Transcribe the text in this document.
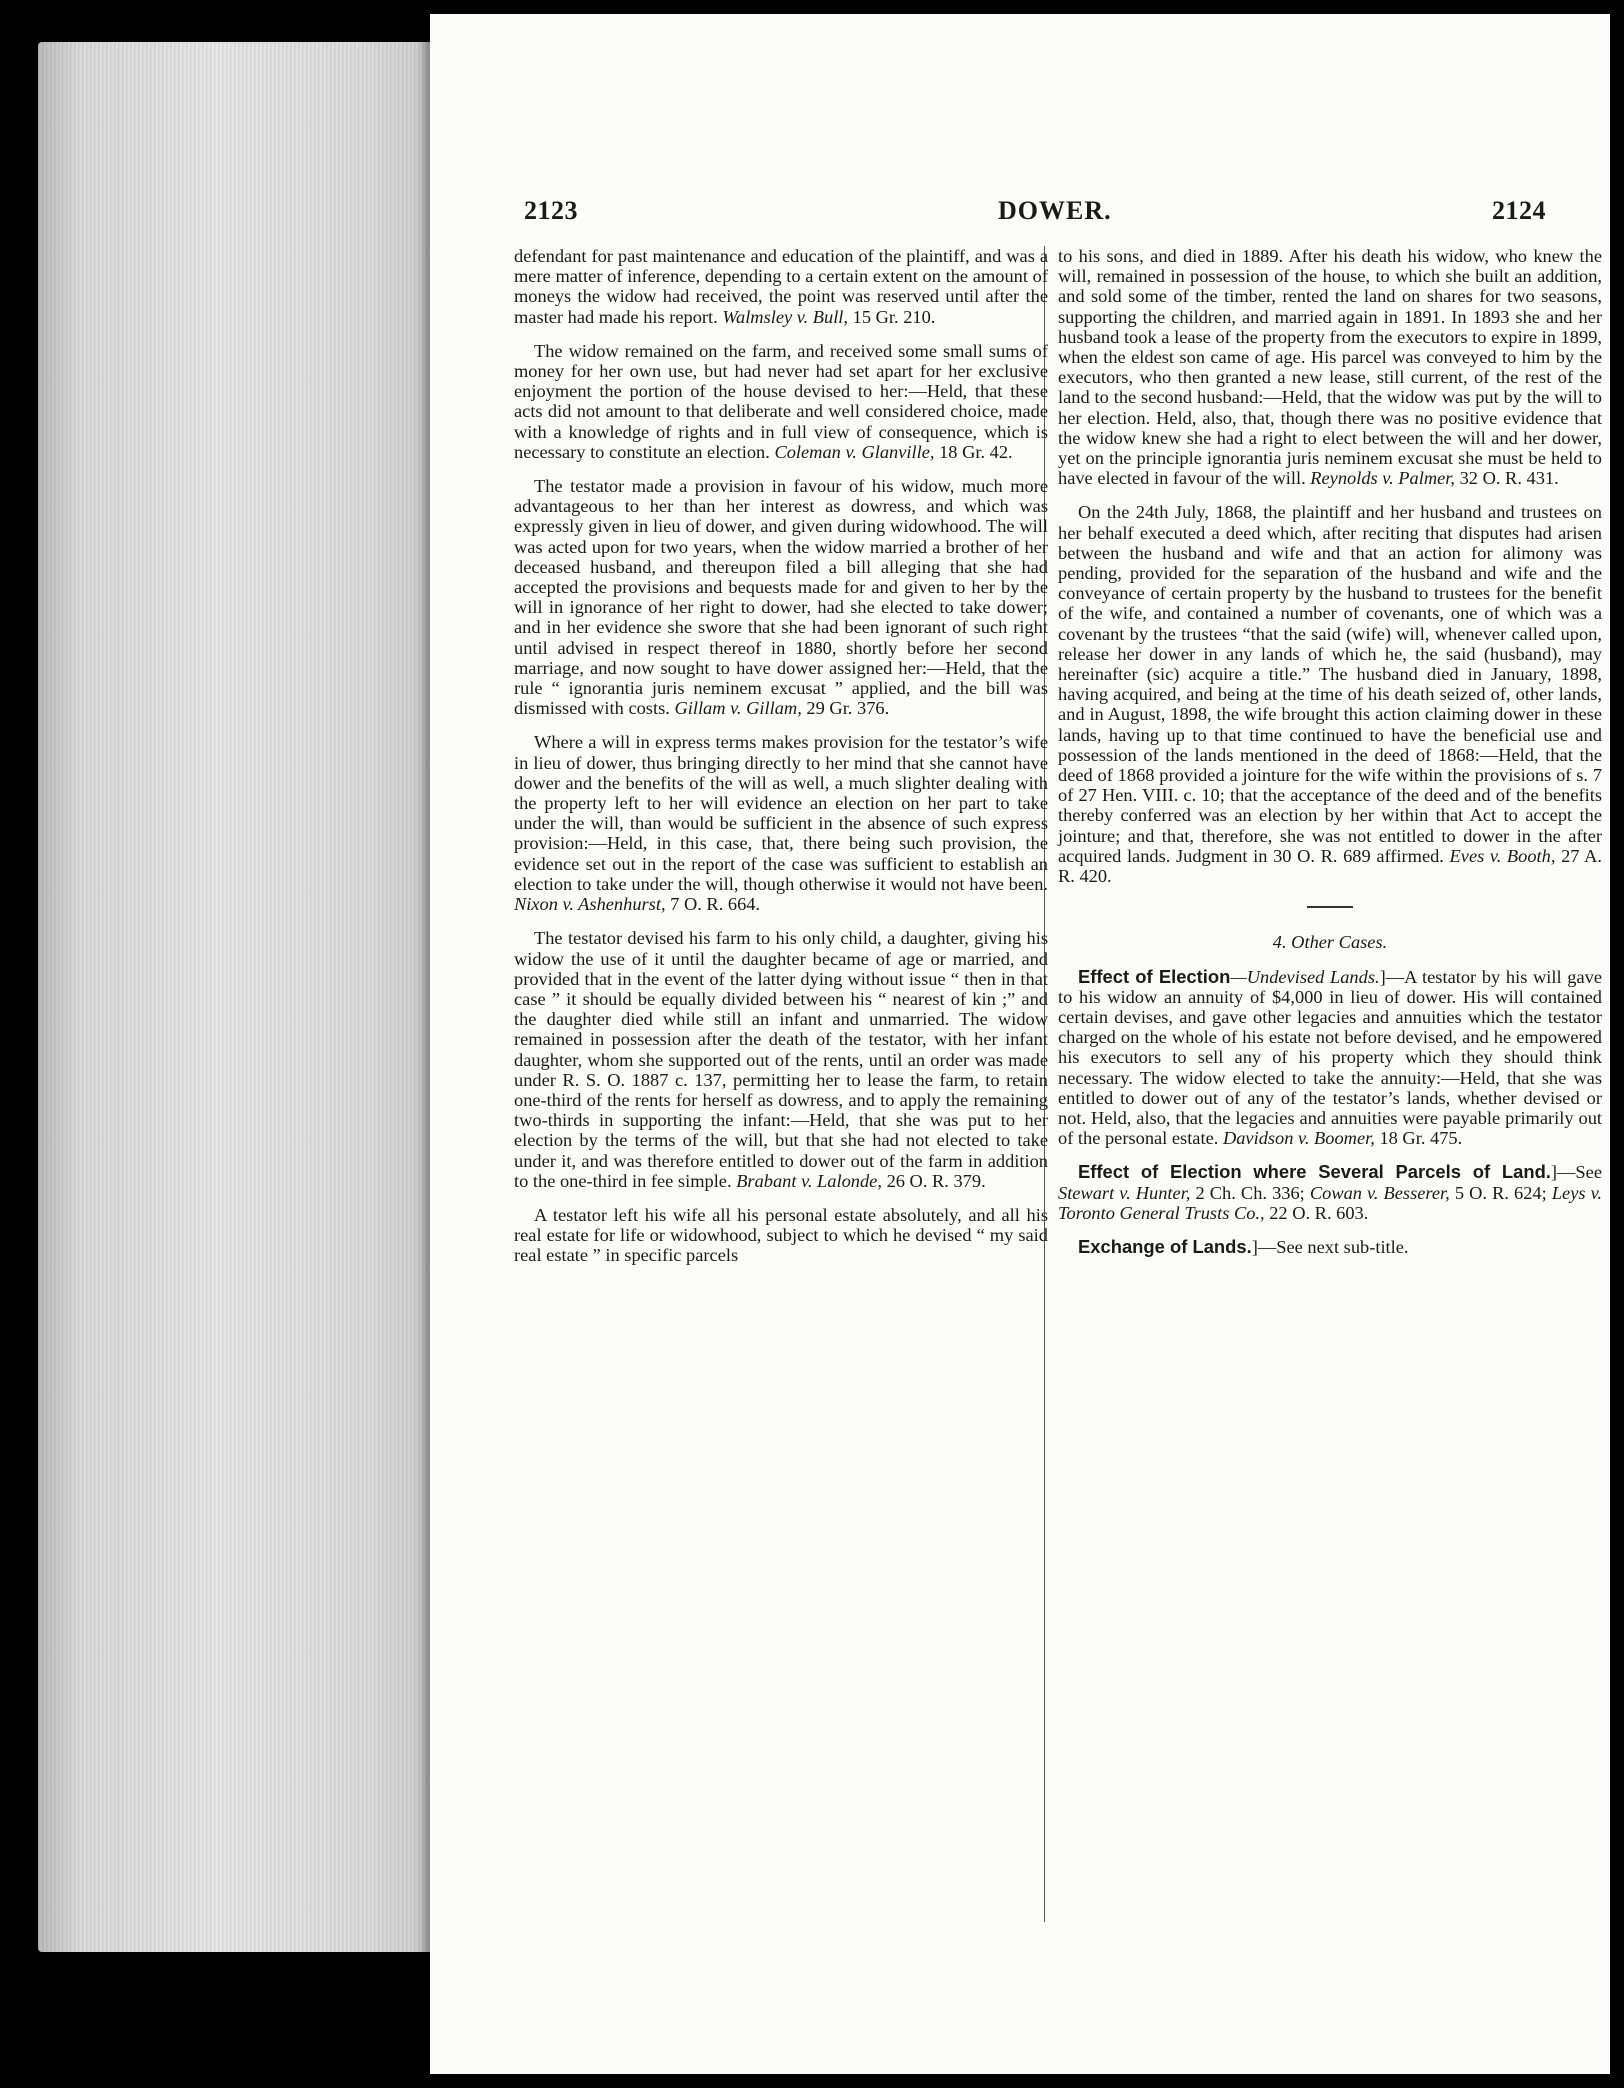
2123	DOWER.	2124

defendant for past maintenance and education of the plaintiff, and was a mere matter of inference, depending to a certain extent on the amount of moneys the widow had received, the point was reserved until after the master had made his report. Walmsley v. Bull, 15 Gr. 210.

The widow remained on the farm, and received some small sums of money for her own use, but had never had set apart for her exclusive enjoyment the portion of the house devised to her:—Held, that these acts did not amount to that deliberate and well considered choice, made with a knowledge of rights and in full view of consequence, which is necessary to constitute an election. Coleman v. Glanville, 18 Gr. 42.

The testator made a provision in favour of his widow, much more advantageous to her than her interest as dowress, and which was expressly given in lieu of dower, and given during widowhood. The will was acted upon for two years, when the widow married a brother of her deceased husband, and thereupon filed a bill alleging that she had accepted the provisions and bequests made for and given to her by the will in ignorance of her right to dower, had she elected to take dower; and in her evidence she swore that she had been ignorant of such right until advised in respect thereof in 1880, shortly before her second marriage, and now sought to have dower assigned her:—Held, that the rule “ ignorantia juris neminem excusat ” applied, and the bill was dismissed with costs. Gillam v. Gillam, 29 Gr. 376.

Where a will in express terms makes provision for the testator’s wife in lieu of dower, thus bringing directly to her mind that she cannot have dower and the benefits of the will as well, a much slighter dealing with the property left to her will evidence an election on her part to take under the will, than would be sufficient in the absence of such express provision:—Held, in this case, that, there being such provision, the evidence set out in the report of the case was sufficient to establish an election to take under the will, though otherwise it would not have been. Nixon v. Ashenhurst, 7 O. R. 664.

The testator devised his farm to his only child, a daughter, giving his widow the use of it until the daughter became of age or married, and provided that in the event of the latter dying without issue “ then in that case ” it should be equally divided between his “ nearest of kin ;” and the daughter died while still an infant and unmarried. The widow remained in possession after the death of the testator, with her infant daughter, whom she supported out of the rents, until an order was made under R. S. O. 1887 c. 137, permitting her to lease the farm, to retain one-third of the rents for herself as dowress, and to apply the remaining two-thirds in supporting the infant:—Held, that she was put to her election by the terms of the will, but that she had not elected to take under it, and was therefore entitled to dower out of the farm in addition to the one-third in fee simple. Brabant v. Lalonde, 26 O. R. 379.

A testator left his wife all his personal estate absolutely, and all his real estate for life or widowhood, subject to which he devised “ my said real estate ” in specific parcels

to his sons, and died in 1889. After his death his widow, who knew the will, remained in possession of the house, to which she built an addition, and sold some of the timber, rented the land on shares for two seasons, supporting the children, and married again in 1891. In 1893 she and her husband took a lease of the property from the executors to expire in 1899, when the eldest son came of age. His parcel was conveyed to him by the executors, who then granted a new lease, still current, of the rest of the land to the second husband:—Held, that the widow was put by the will to her election. Held, also, that, though there was no positive evidence that the widow knew she had a right to elect between the will and her dower, yet on the principle ignorantia juris neminem excusat she must be held to have elected in favour of the will. Reynolds v. Palmer, 32 O. R. 431.

On the 24th July, 1868, the plaintiff and her husband and trustees on her behalf executed a deed which, after reciting that disputes had arisen between the husband and wife and that an action for alimony was pending, provided for the separation of the husband and wife and the conveyance of certain property by the husband to trustees for the benefit of the wife, and contained a number of covenants, one of which was a covenant by the trustees “that the said (wife) will, whenever called upon, release her dower in any lands of which he, the said (husband), may hereinafter (sic) acquire a title.” The husband died in January, 1898, having acquired, and being at the time of his death seized of, other lands, and in August, 1898, the wife brought this action claiming dower in these lands, having up to that time continued to have the beneficial use and possession of the lands mentioned in the deed of 1868:—Held, that the deed of 1868 provided a jointure for the wife within the provisions of s. 7 of 27 Hen. VIII. c. 10; that the acceptance of the deed and of the benefits thereby conferred was an election by her within that Act to accept the jointure; and that, therefore, she was not entitled to dower in the after acquired lands. Judgment in 30 O. R. 689 affirmed. Eves v. Booth, 27 A. R. 420.

4. Other Cases.

Effect of Election—Undevised Lands.]—A testator by his will gave to his widow an annuity of $4,000 in lieu of dower. His will contained certain devises, and gave other legacies and annuities which the testator charged on the whole of his estate not before devised, and he empowered his executors to sell any of his property which they should think necessary. The widow elected to take the annuity:—Held, that she was entitled to dower out of any of the testator’s lands, whether devised or not. Held, also, that the legacies and annuities were payable primarily out of the personal estate. Davidson v. Boomer, 18 Gr. 475.

Effect of Election where Several Parcels of Land.]—See Stewart v. Hunter, 2 Ch. Ch. 336; Cowan v. Besserer, 5 O. R. 624; Leys v. Toronto General Trusts Co., 22 O. R. 603.

Exchange of Lands.]—See next sub-title.
